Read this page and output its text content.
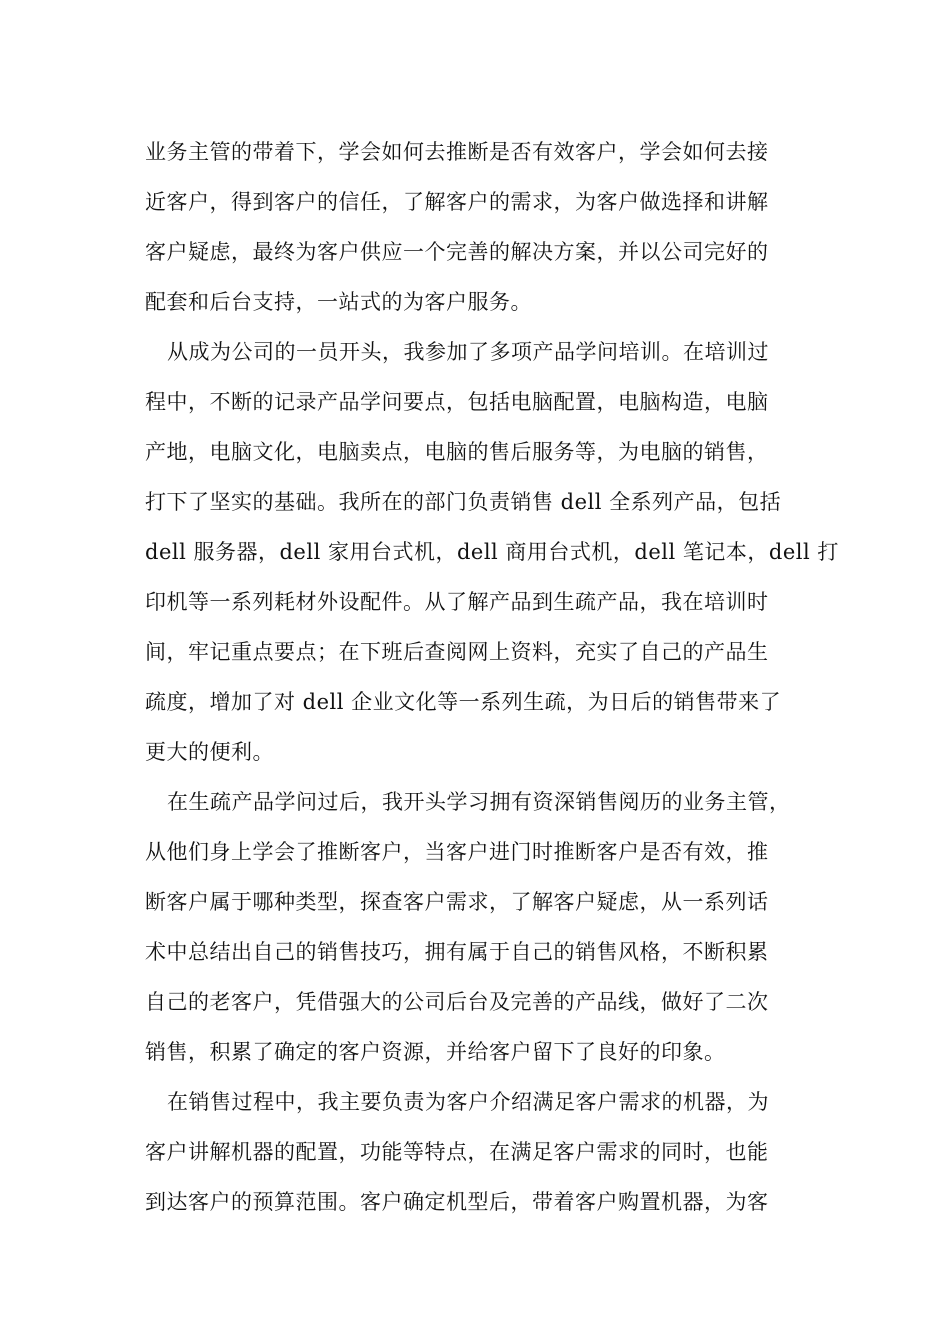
业务主管的带着下，学会如何去推断是否有效客户，学会如何去接
近客户，得到客户的信任，了解客户的需求，为客户做选择和讲解
客户疑虑，最终为客户供应一个完善的解决方案，并以公司完好的
配套和后台支持，一站式的为客户服务。
从成为公司的一员开头，我参加了多项产品学问培训。在培训过
程中，不断的记录产品学问要点，包括电脑配置，电脑构造，电脑
产地，电脑文化，电脑卖点，电脑的售后服务等，为电脑的销售，
打下了坚实的基础。我所在的部门负责销售 dell 全系列产品，包括
dell 服务器，dell 家用台式机，dell 商用台式机，dell 笔记本，dell 打
印机等一系列耗材外设配件。从了解产品到生疏产品，我在培训时
间，牢记重点要点；在下班后查阅网上资料，充实了自己的产品生
疏度，增加了对 dell 企业文化等一系列生疏，为日后的销售带来了
更大的便利。
在生疏产品学问过后，我开头学习拥有资深销售阅历的业务主管，
从他们身上学会了推断客户，当客户进门时推断客户是否有效，推
断客户属于哪种类型，探查客户需求，了解客户疑虑，从一系列话
术中总结出自己的销售技巧，拥有属于自己的销售风格，不断积累
自己的老客户，凭借强大的公司后台及完善的产品线，做好了二次
销售，积累了确定的客户资源，并给客户留下了良好的印象。
在销售过程中，我主要负责为客户介绍满足客户需求的机器，为
客户讲解机器的配置，功能等特点，在满足客户需求的同时，也能
到达客户的预算范围。客户确定机型后，带着客户购置机器，为客
